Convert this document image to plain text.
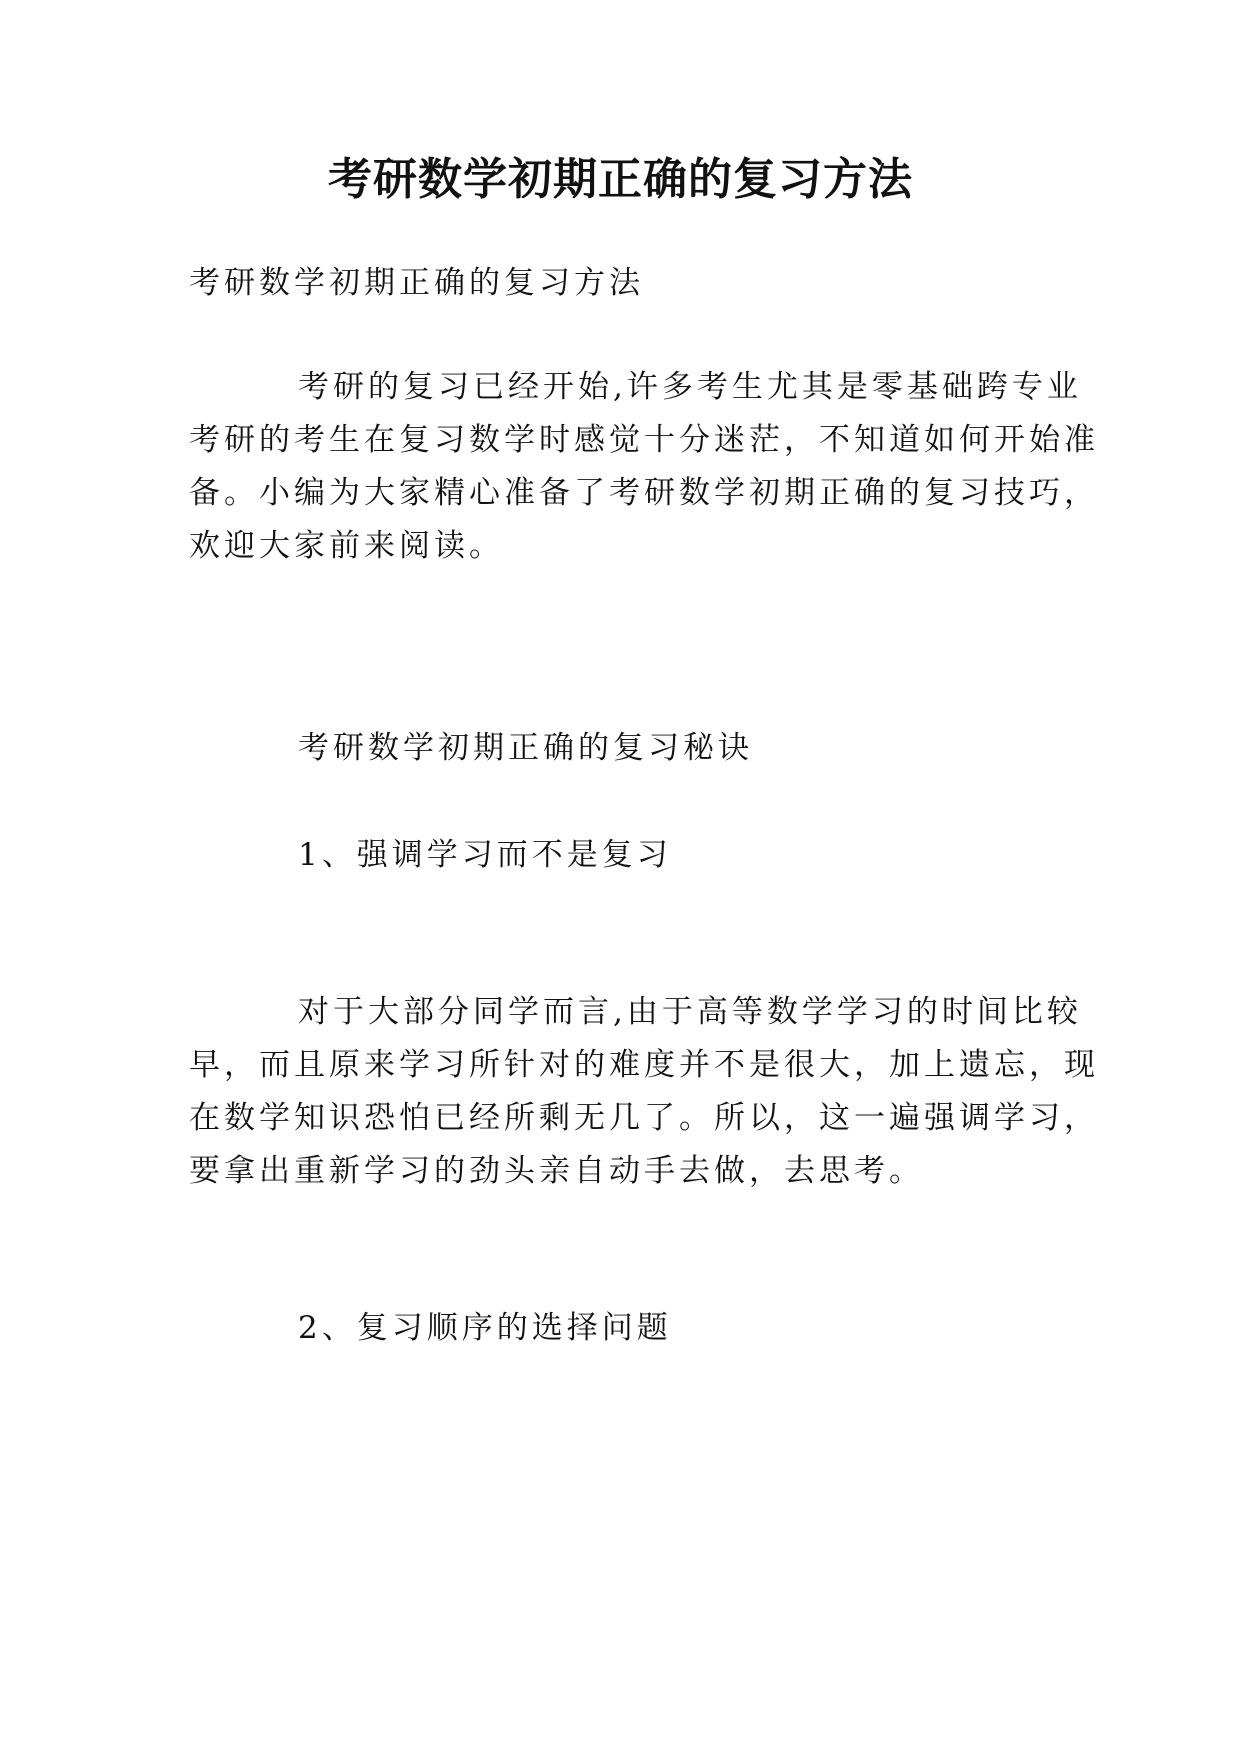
考研数学初期正确的复习方法
考研数学初期正确的复习方法
考研的复习已经开始,许多考生尤其是零基础跨专业
考研的考生在复习数学时感觉十分迷茫，不知道如何开始准
备。小编为大家精心准备了考研数学初期正确的复习技巧，
欢迎大家前来阅读。
考研数学初期正确的复习秘诀
1、强调学习而不是复习
对于大部分同学而言,由于高等数学学习的时间比较
早，而且原来学习所针对的难度并不是很大，加上遗忘，现
在数学知识恐怕已经所剩无几了。所以，这一遍强调学习，
要拿出重新学习的劲头亲自动手去做，去思考。
2、复习顺序的选择问题
